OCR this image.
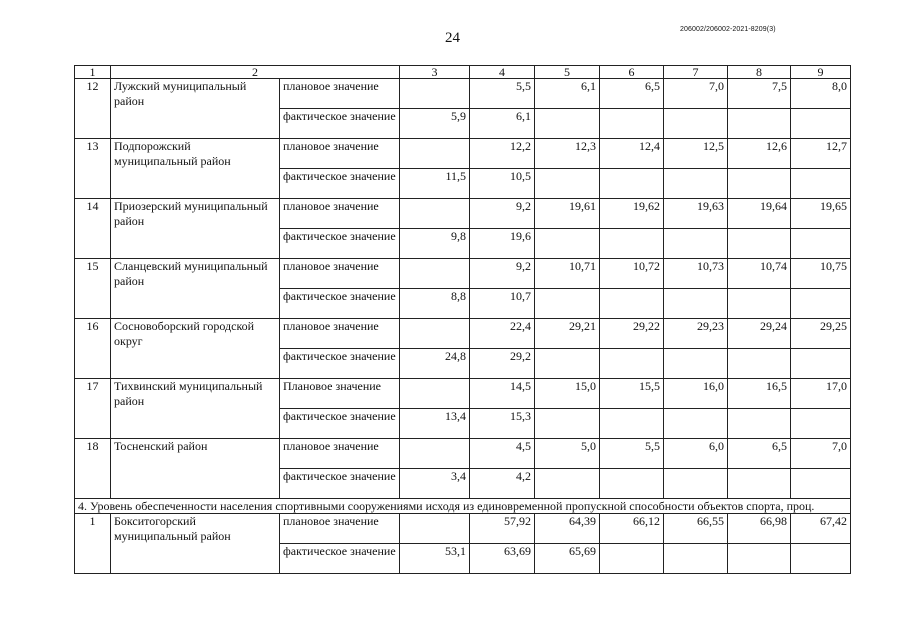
24
206002/206002-2021-8209(3)
1	2		3	4	5	6	7	8	9
12	Лужский муниципальный район	плановое значение		5,5	6,1	6,5	7,0	7,5	8,0
		фактическое значение	5,9	6,1					
13	Подпорожский муниципальный район	плановое значение		12,2	12,3	12,4	12,5	12,6	12,7
		фактическое значение	11,5	10,5					
14	Приозерский муниципальный район	плановое значение		9,2	19,61	19,62	19,63	19,64	19,65
		фактическое значение	9,8	19,6					
15	Сланцевский муниципальный район	плановое значение		9,2	10,71	10,72	10,73	10,74	10,75
		фактическое значение	8,8	10,7					
16	Сосновоборский городской округ	плановое значение		22,4	29,21	29,22	29,23	29,24	29,25
		фактическое значение	24,8	29,2					
17	Тихвинский муниципальный район	Плановое значение		14,5	15,0	15,5	16,0	16,5	17,0
		фактическое значение	13,4	15,3					
18	Тосненский район	плановое значение		4,5	5,0	5,5	6,0	6,5	7,0
		фактическое значение	3,4	4,2					
4. Уровень обеспеченности населения спортивными сооружениями исходя из единовременной пропускной способности объектов спорта, проц.									
1	Бокситогорский муниципальный район	плановое значение		57,92	64,39	66,12	66,55	66,98	67,42
		фактическое значение	53,1	63,69	65,69				
